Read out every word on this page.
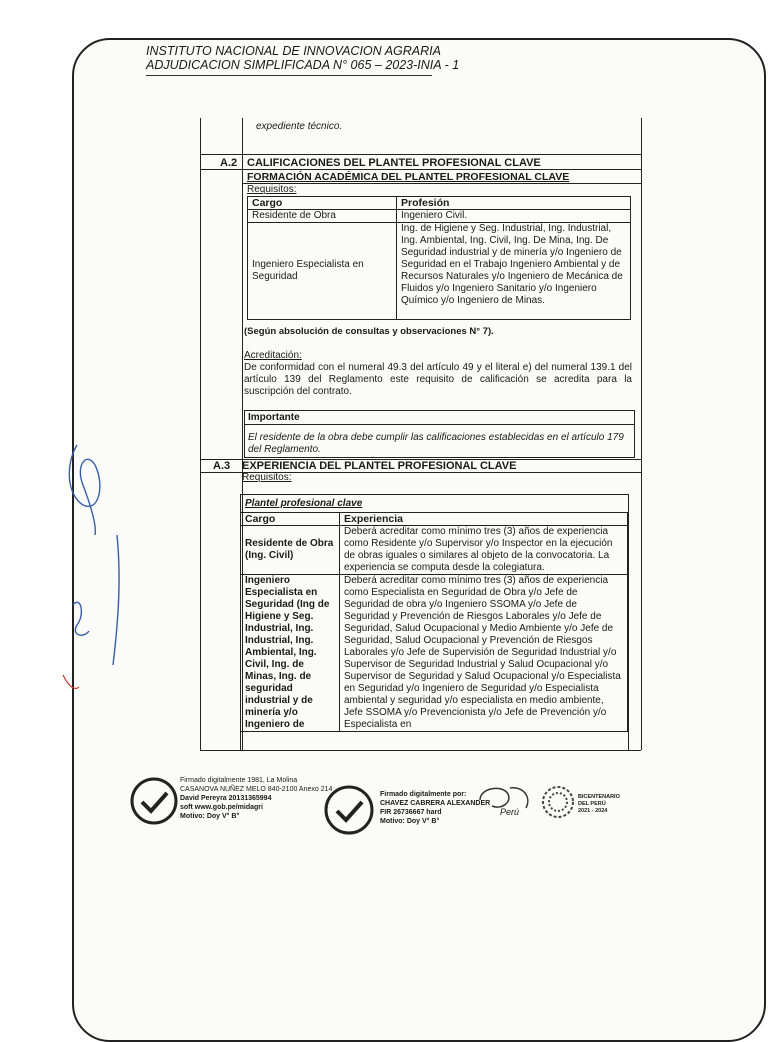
INSTITUTO NACIONAL DE INNOVACION AGRARIA
ADJUDICACION SIMPLIFICADA N° 065 – 2023-INIA - 1
expediente técnico.
A.2 CALIFICACIONES DEL PLANTEL PROFESIONAL CLAVE
FORMACIÓN ACADÉMICA DEL PLANTEL PROFESIONAL CLAVE
Requisitos:
Cargo	Profesión
Residente de Obra	Ingeniero Civil.
Ingeniero Especialista en Seguridad	Ing. de Higiene y Seg. Industrial, Ing. Industrial, Ing. Ambiental, Ing. Civil, Ing. De Mina, Ing. De Seguridad industrial y de minería y/o Ingeniero de Seguridad en el Trabajo Ingeniero Ambiental y de Recursos Naturales y/o Ingeniero de Mecánica de Fluidos y/o Ingeniero Sanitario y/o Ingeniero Químico y/o Ingeniero de Minas.
(Según absolución de consultas y observaciones N° 7).
Acreditación:
De conformidad con el numeral 49.3 del artículo 49 y el literal e) del numeral 139.1 del artículo 139 del Reglamento este requisito de calificación se acredita para la suscripción del contrato.
Importante
El residente de la obra debe cumplir las calificaciones establecidas en el artículo 179 del Reglamento.
A.3 EXPERIENCIA DEL PLANTEL PROFESIONAL CLAVE
Requisitos:
Plantel profesional clave
Cargo	Experiencia
Residente de Obra (Ing. Civil)	Deberá acreditar como mínimo tres (3) años de experiencia como Residente y/o Supervisor y/o Inspector en la ejecución de obras iguales o similares al objeto de la convocatoria. La experiencia se computa desde la colegiatura.
Ingeniero Especialista en Seguridad (Ing de Higiene y Seg. Industrial, Ing. Industrial, Ing. Ambiental, Ing. Civil, Ing. de Minas, Ing. de seguridad industrial y de minería y/o Ingeniero de	Deberá acreditar como mínimo tres (3) años de experiencia como Especialista en Seguridad de Obra y/o Jefe de Seguridad de obra y/o Ingeniero SSOMA y/o Jefe de Seguridad y Prevención de Riesgos Laborales y/o Jefe de Seguridad, Salud Ocupacional y Medio Ambiente y/o Jefe de Seguridad, Salud Ocupacional y Prevención de Riesgos Laborales y/o Jefe de Supervisión de Seguridad Industrial y/o Supervisor de Seguridad Industrial y Salud Ocupacional y/o Supervisor de Seguridad y Salud Ocupacional y/o Especialista en Seguridad y/o Ingeniero de Seguridad y/o Especialista ambiental y seguridad y/o especialista en medio ambiente, Jefe SSOMA y/o Prevencionista y/o Jefe de Prevención y/o Especialista en
Firmado digitalmente 1981, La Molina
CASANOVA NUÑEZ MELO 840-2100 Anexo 214
David Pereyra 20131365994
soft www.gob.pe/midagri
Motivo: Doy V° B°
Firmado digitalmente por:
CHAVEZ CABRERA ALEXANDER
FIR 26736667 hard
Motivo: Doy V° B°
Perú
BICENTENARIO
DEL PERÚ
2021 - 2024
